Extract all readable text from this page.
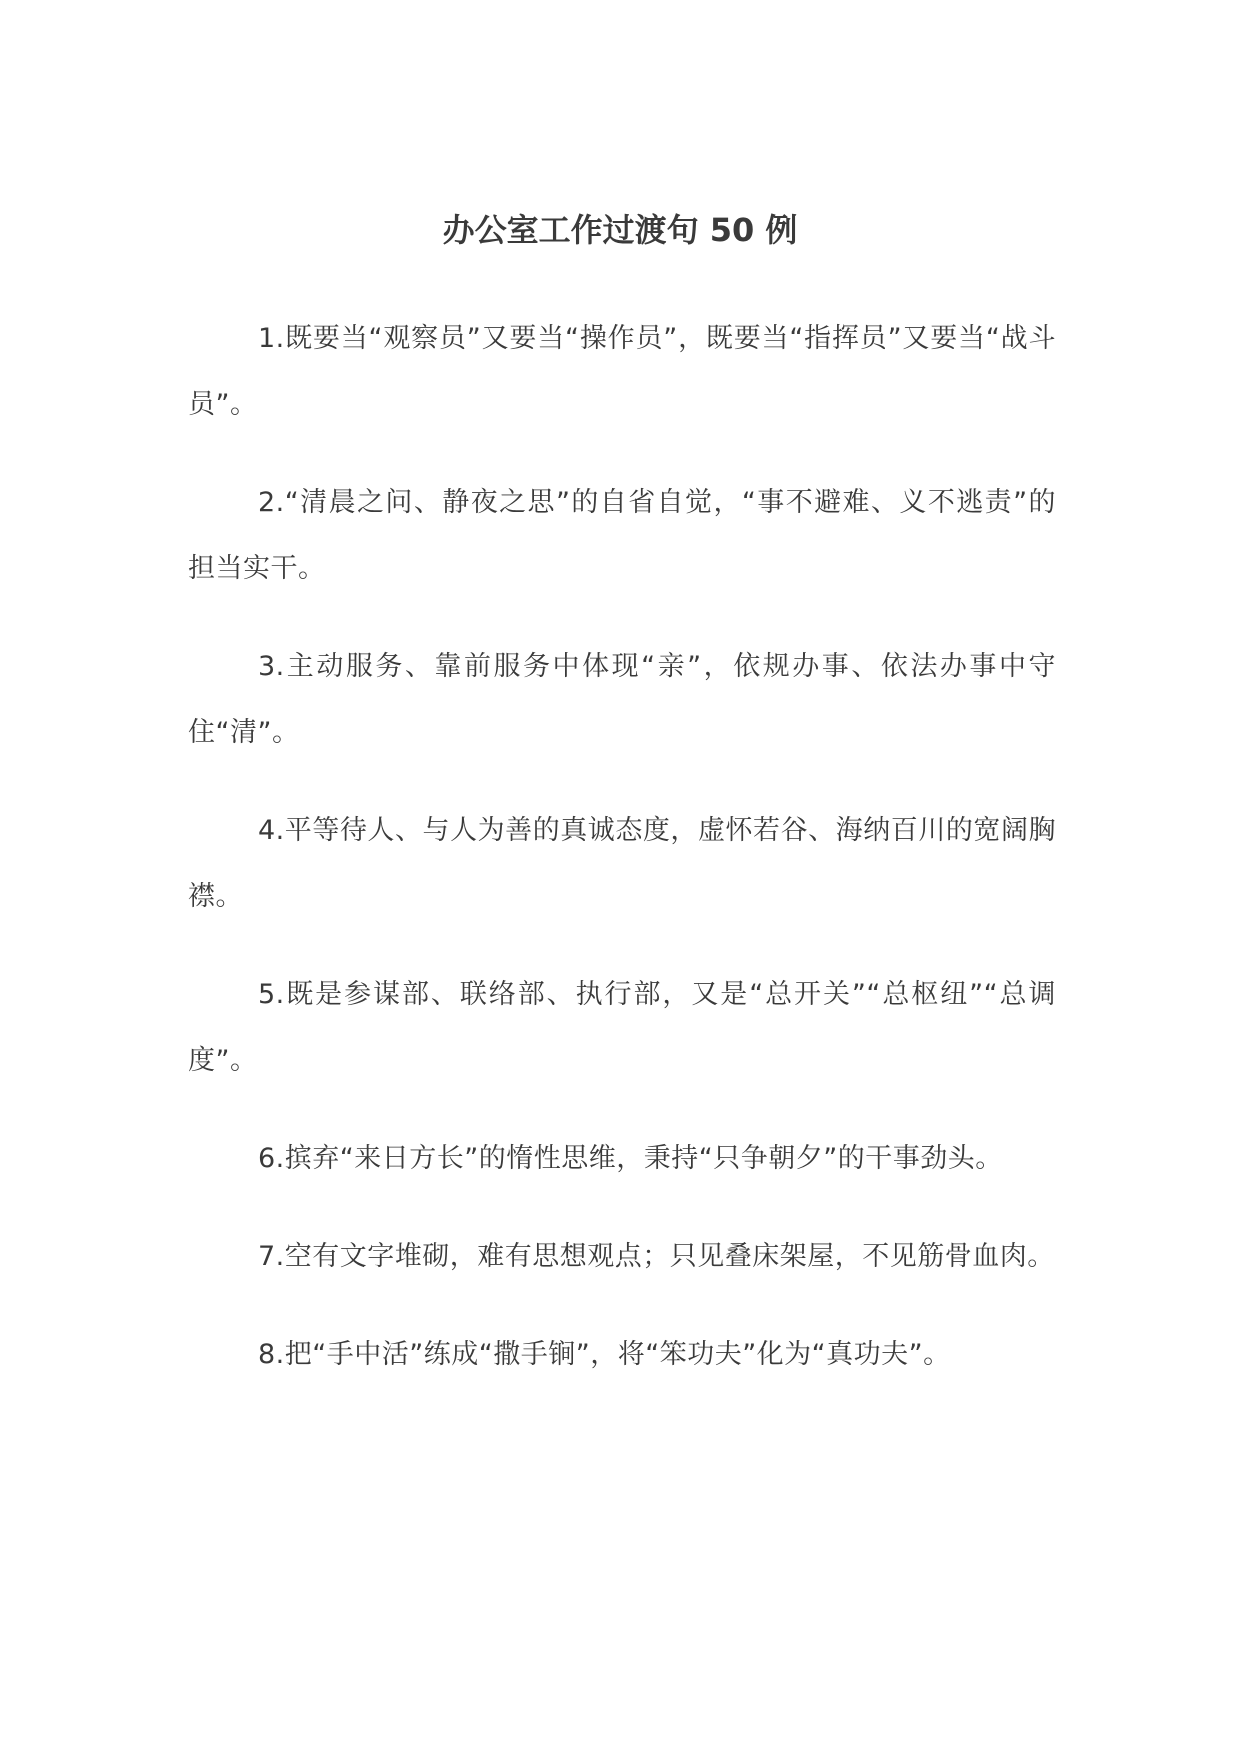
办公室工作过渡句 50 例

1.既要当“观察员”又要当“操作员”，既要当“指挥员”又要当“战斗员”。

2.“清晨之问、静夜之思”的自省自觉，“事不避难、义不逃责”的担当实干。

3.主动服务、靠前服务中体现“亲”，依规办事、依法办事中守住“清”。

4.平等待人、与人为善的真诚态度，虚怀若谷、海纳百川的宽阔胸襟。

5.既是参谋部、联络部、执行部，又是“总开关”“总枢纽”“总调度”。

6.摈弃“来日方长”的惰性思维，秉持“只争朝夕”的干事劲头。

7.空有文字堆砌，难有思想观点；只见叠床架屋，不见筋骨血肉。

8.把“手中活”练成“撒手锏”，将“笨功夫”化为“真功夫”。
